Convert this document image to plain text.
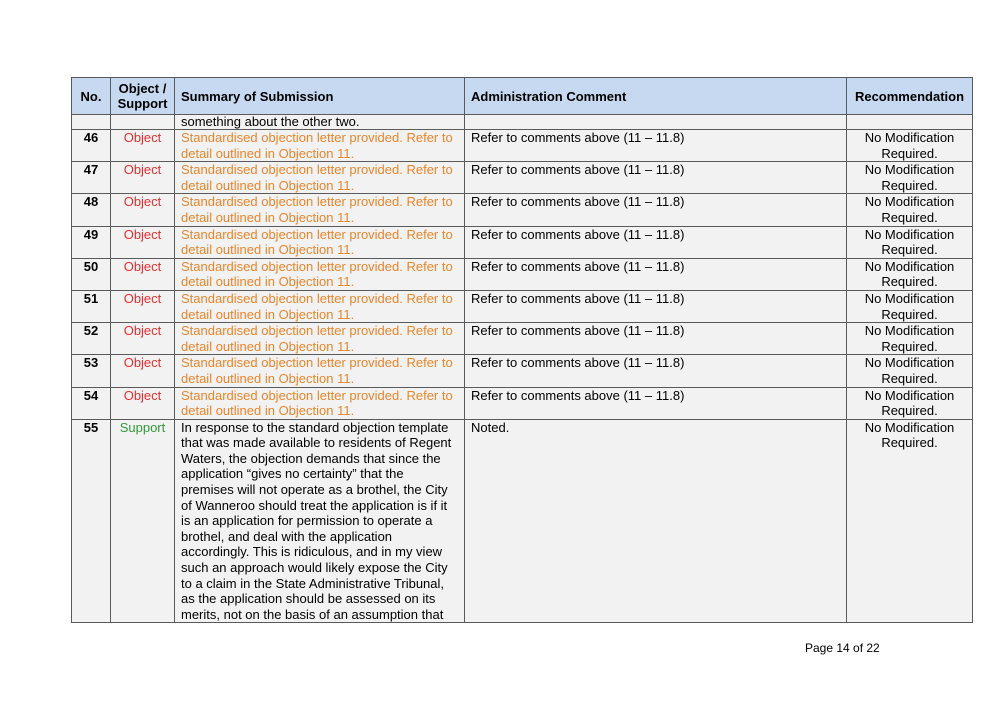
No.	Object / Support	Summary of Submission	Administration Comment	Recommendation
		something about the other two.		
46	Object	Standardised objection letter provided. Refer to detail outlined in Objection 11.	Refer to comments above (11 – 11.8)	No Modification Required.
47	Object	Standardised objection letter provided. Refer to detail outlined in Objection 11.	Refer to comments above (11 – 11.8)	No Modification Required.
48	Object	Standardised objection letter provided. Refer to detail outlined in Objection 11.	Refer to comments above (11 – 11.8)	No Modification Required.
49	Object	Standardised objection letter provided. Refer to detail outlined in Objection 11.	Refer to comments above (11 – 11.8)	No Modification Required.
50	Object	Standardised objection letter provided. Refer to detail outlined in Objection 11.	Refer to comments above (11 – 11.8)	No Modification Required.
51	Object	Standardised objection letter provided. Refer to detail outlined in Objection 11.	Refer to comments above (11 – 11.8)	No Modification Required.
52	Object	Standardised objection letter provided. Refer to detail outlined in Objection 11.	Refer to comments above (11 – 11.8)	No Modification Required.
53	Object	Standardised objection letter provided. Refer to detail outlined in Objection 11.	Refer to comments above (11 – 11.8)	No Modification Required.
54	Object	Standardised objection letter provided. Refer to detail outlined in Objection 11.	Refer to comments above (11 – 11.8)	No Modification Required.
55	Support	In response to the standard objection template that was made available to residents of Regent Waters, the objection demands that since the application “gives no certainty” that the premises will not operate as a brothel, the City of Wanneroo should treat the application is if it is an application for permission to operate a brothel, and deal with the application accordingly. This is ridiculous, and in my view such an approach would likely expose the City to a claim in the State Administrative Tribunal, as the application should be assessed on its merits, not on the basis of an assumption that	Noted.	No Modification Required.
Page 14 of 22
